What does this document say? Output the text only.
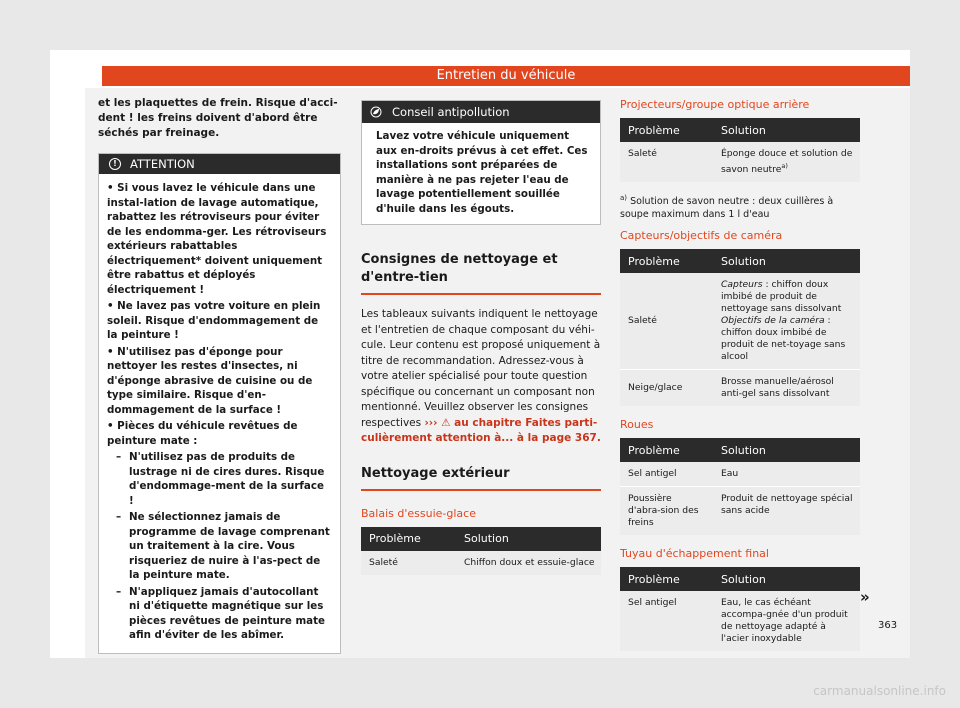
Entretien du véhicule

et les plaquettes de frein. Risque d'acci-dent ! les freins doivent d'abord être séchés par freinage.

!	ATTENTION

• Si vous lavez le véhicule dans une instal-lation de lavage automatique, rabattez les rétroviseurs pour éviter de les endomma-ger. Les rétroviseurs extérieurs rabattables électriquement* doivent uniquement être rabattus et déployés électriquement !

• Ne lavez pas votre voiture en plein soleil. Risque d'endommagement de la peinture !

• N'utilisez pas d'éponge pour nettoyer les restes d'insectes, ni d'éponge abrasive de cuisine ou de type similaire. Risque d'en-dommagement de la surface !

• Pièces du véhicule revêtues de peinture mate :

– N'utilisez pas de produits de lustrage ni de cires dures. Risque d'endommage-ment de la surface !

– Ne sélectionnez jamais de programme de lavage comprenant un traitement à la cire. Vous risqueriez de nuire à l'as-pect de la peinture mate.

– N'appliquez jamais d'autocollant ni d'étiquette magnétique sur les pièces revêtues de peinture mate afin d'éviter de les abîmer.

Conseil antipollution
Lavez votre véhicule uniquement aux en-droits prévus à cet effet. Ces installations sont préparées de manière à ne pas rejeter l'eau de lavage potentiellement souillée d'huile dans les égouts.

Consignes de nettoyage et d'entre-tien

Les tableaux suivants indiquent le nettoyage et l'entretien de chaque composant du véhi-cule. Leur contenu est proposé uniquement à titre de recommandation. Adressez-vous à votre atelier spécialisé pour toute question spécifique ou concernant un composant non mentionné. Veuillez observer les consignes respectives ››› ⚠ au chapitre Faites parti-culièrement attention à... à la page 367.

Nettoyage extérieur

Balais d'essuie-glace

Problème	Solution
Saleté	Chiffon doux et essuie-glace

Projecteurs/groupe optique arrière

Problème	Solution
Saleté	Éponge douce et solution de savon neutre$^{a)}$

$^{a)}$ Solution de savon neutre : deux cuillères à soupe maximum dans 1 l d'eau

Capteurs/objectifs de caméra

Problème	Solution
Saleté	Capteurs : chiffon doux imbibé de produit de nettoyage sans dissolvant
Objectifs de la caméra : chiffon doux imbibé de produit de net-toyage sans alcool
Neige/glace	Brosse manuelle/aérosol anti-gel sans dissolvant

Roues

Problème	Solution
Sel antigel	Eau
Poussière d'abra-sion des freins	Produit de nettoyage spécial sans acide

Tuyau d'échappement final

Problème	Solution
Sel antigel	Eau, le cas échéant accompa-gnée d'un produit de nettoyage adapté à l'acier inoxydable
»
363
carmanualsonline.info
